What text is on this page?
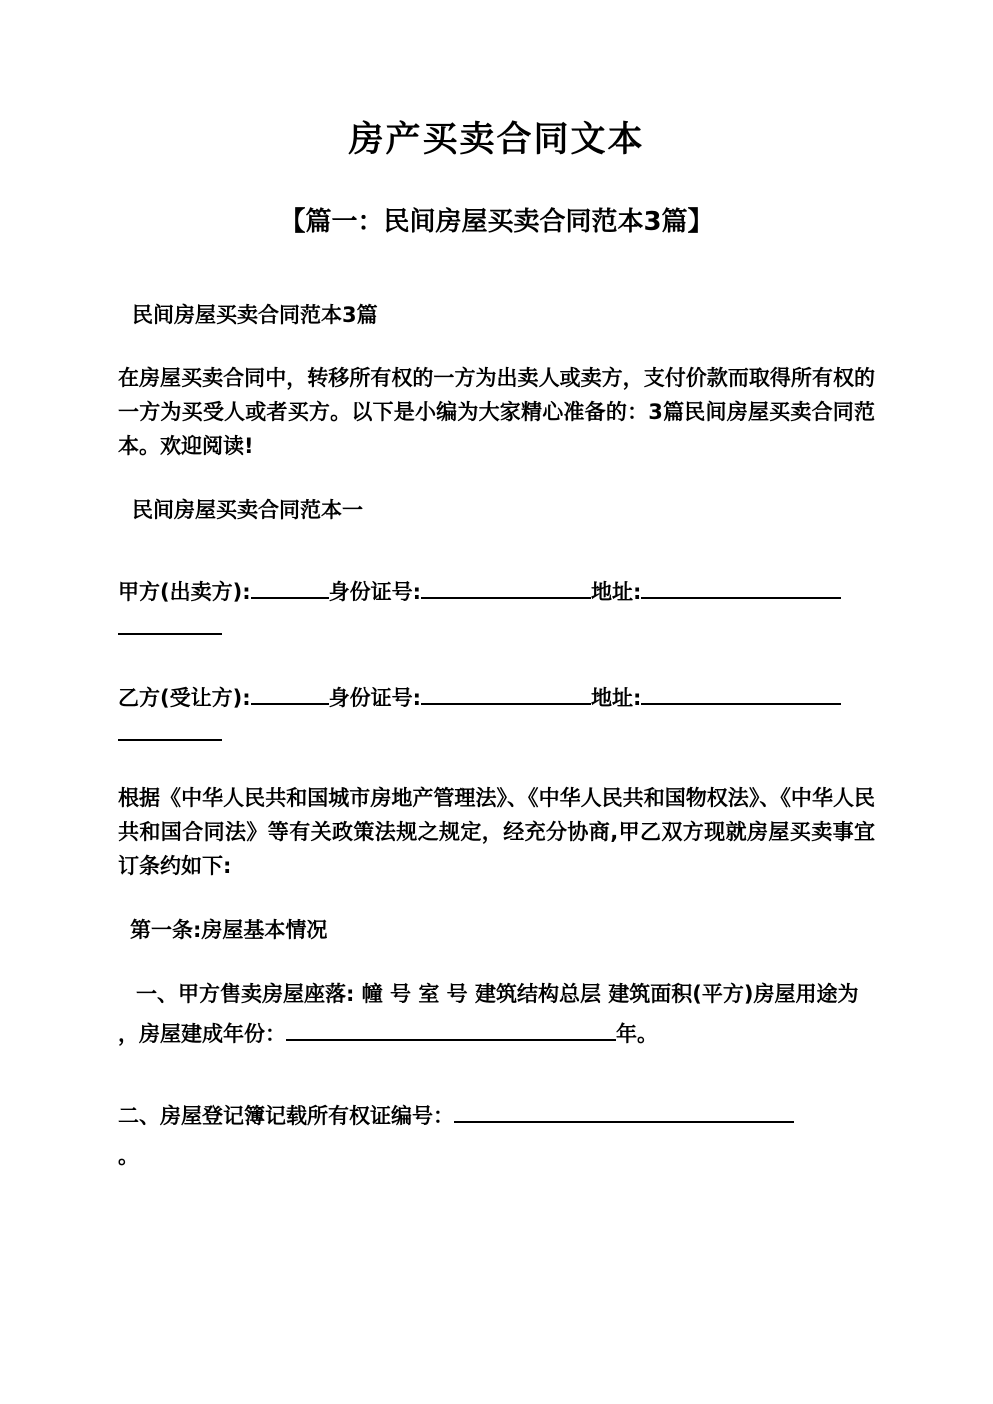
房产买卖合同文本
【篇一：民间房屋买卖合同范本3篇】
民间房屋买卖合同范本3篇

在房屋买卖合同中，转移所有权的一方为出卖人或卖方，支付价款而取得所有权的一方为买受人或者买方。以下是小编为大家精心准备的：3篇民间房屋买卖合同范本。欢迎阅读!

民间房屋买卖合同范本一

甲方(出卖方):	身份证号:	地址:
乙方(受让方):	身份证号:	地址:

根据《中华人民共和国城市房地产管理法》、《中华人民共和国物权法》、《中华人民共和国合同法》等有关政策法规之规定，经充分协商,甲乙双方现就房屋买卖事宜订条约如下:

第一条:房屋基本情况

一、甲方售卖房屋座落: 幢 号 室 号 建筑结构总层 建筑面积(平方)房屋用途为

，房屋建成年份：	年。
二、房屋登记簿记载所有权证编号：
。
